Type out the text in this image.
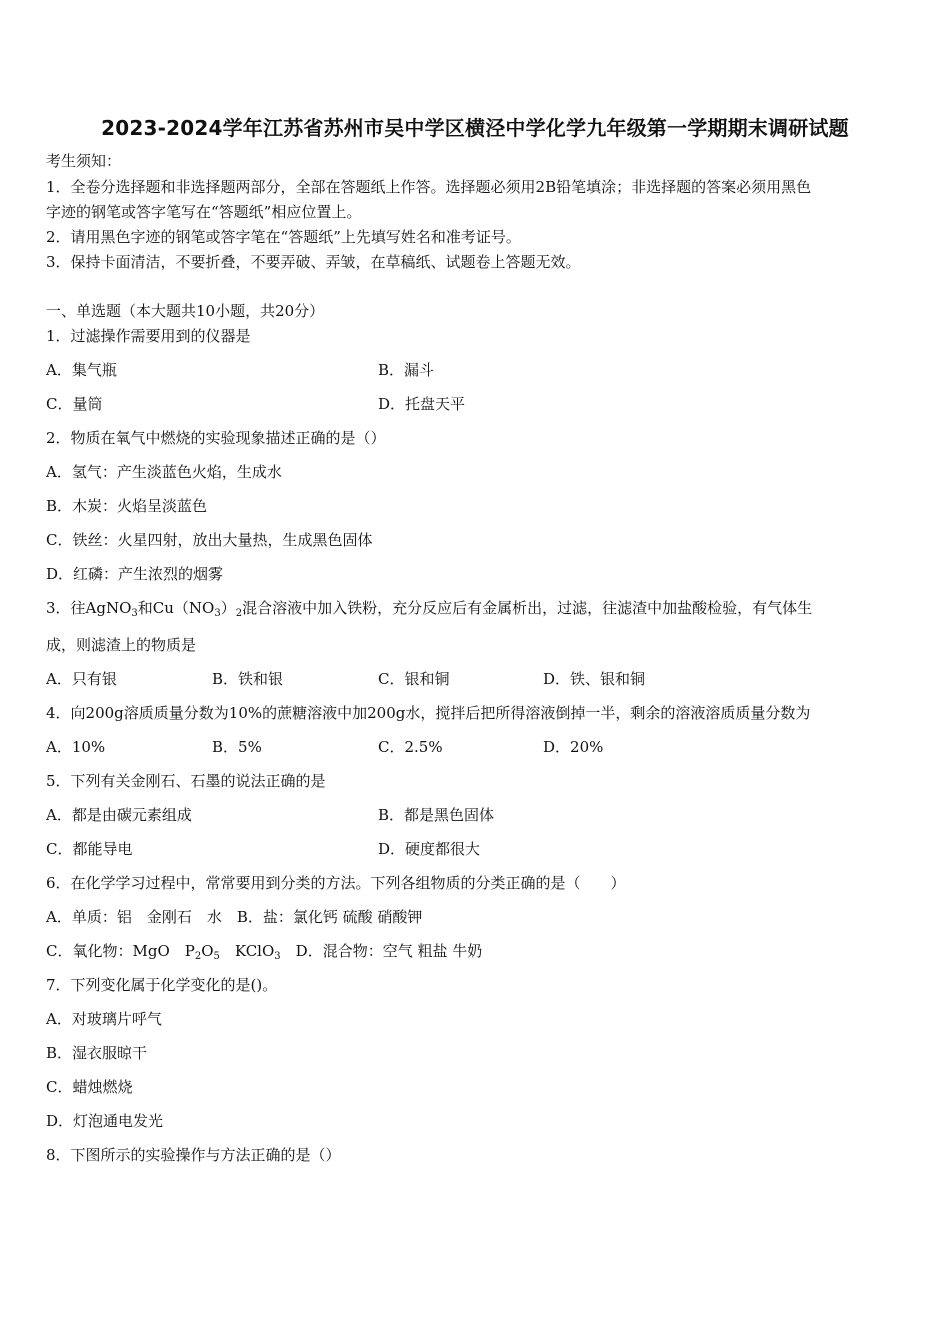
2023-2024学年江苏省苏州市吴中学区横泾中学化学九年级第一学期期末调研试题
考生须知：
1．全卷分选择题和非选择题两部分，全部在答题纸上作答。选择题必须用2B铅笔填涂；非选择题的答案必须用黑色
字迹的钢笔或答字笔写在“答题纸”相应位置上。
2．请用黑色字迹的钢笔或答字笔在“答题纸”上先填写姓名和准考证号。
3．保持卡面清洁，不要折叠，不要弄破、弄皱，在草稿纸、试题卷上答题无效。
一、单选题（本大题共10小题，共20分）
1．过滤操作需要用到的仪器是
A．集气瓶	B．漏斗
C．量筒	D．托盘天平
2．物质在氧气中燃烧的实验现象描述正确的是（）
A．氢气：产生淡蓝色火焰，生成水
B．木炭：火焰呈淡蓝色
C．铁丝：火星四射，放出大量热，生成黑色固体
D．红磷：产生浓烈的烟雾
3．往AgNO$_3$和$Cu(NO_3)_2$混合溶液中加入铁粉，充分反应后有金属析出，过滤，往滤渣中加盐酸检验，有气体生
成，则滤渣上的物质是
A．只有银	B．铁和银	C．银和铜	D．铁、银和铜
4．向200g溶质质量分数为10%的蔗糖溶液中加200g水，搅拌后把所得溶液倒掉一半，剩余的溶液溶质质量分数为
A．10%	B．5%	C．2.5%	D．20%
5．下列有关金刚石、石墨的说法正确的是
A．都是由碳元素组成	B．都是黑色固体
C．都能导电	D．硬度都很大
6．在化学学习过程中，常常要用到分类的方法。下列各组物质的分类正确的是（　　）
A．单质：铝　金刚石　水　B．盐：氯化钙 硫酸 硝酸钾
C．氧化物：MgO　$P_2O_5$　KClO$_3$　D．混合物：空气 粗盐 牛奶
7．下列变化属于化学变化的是()。
A．对玻璃片呼气
B．湿衣服晾干
C．蜡烛燃烧
D．灯泡通电发光
8．下图所示的实验操作与方法正确的是（）
